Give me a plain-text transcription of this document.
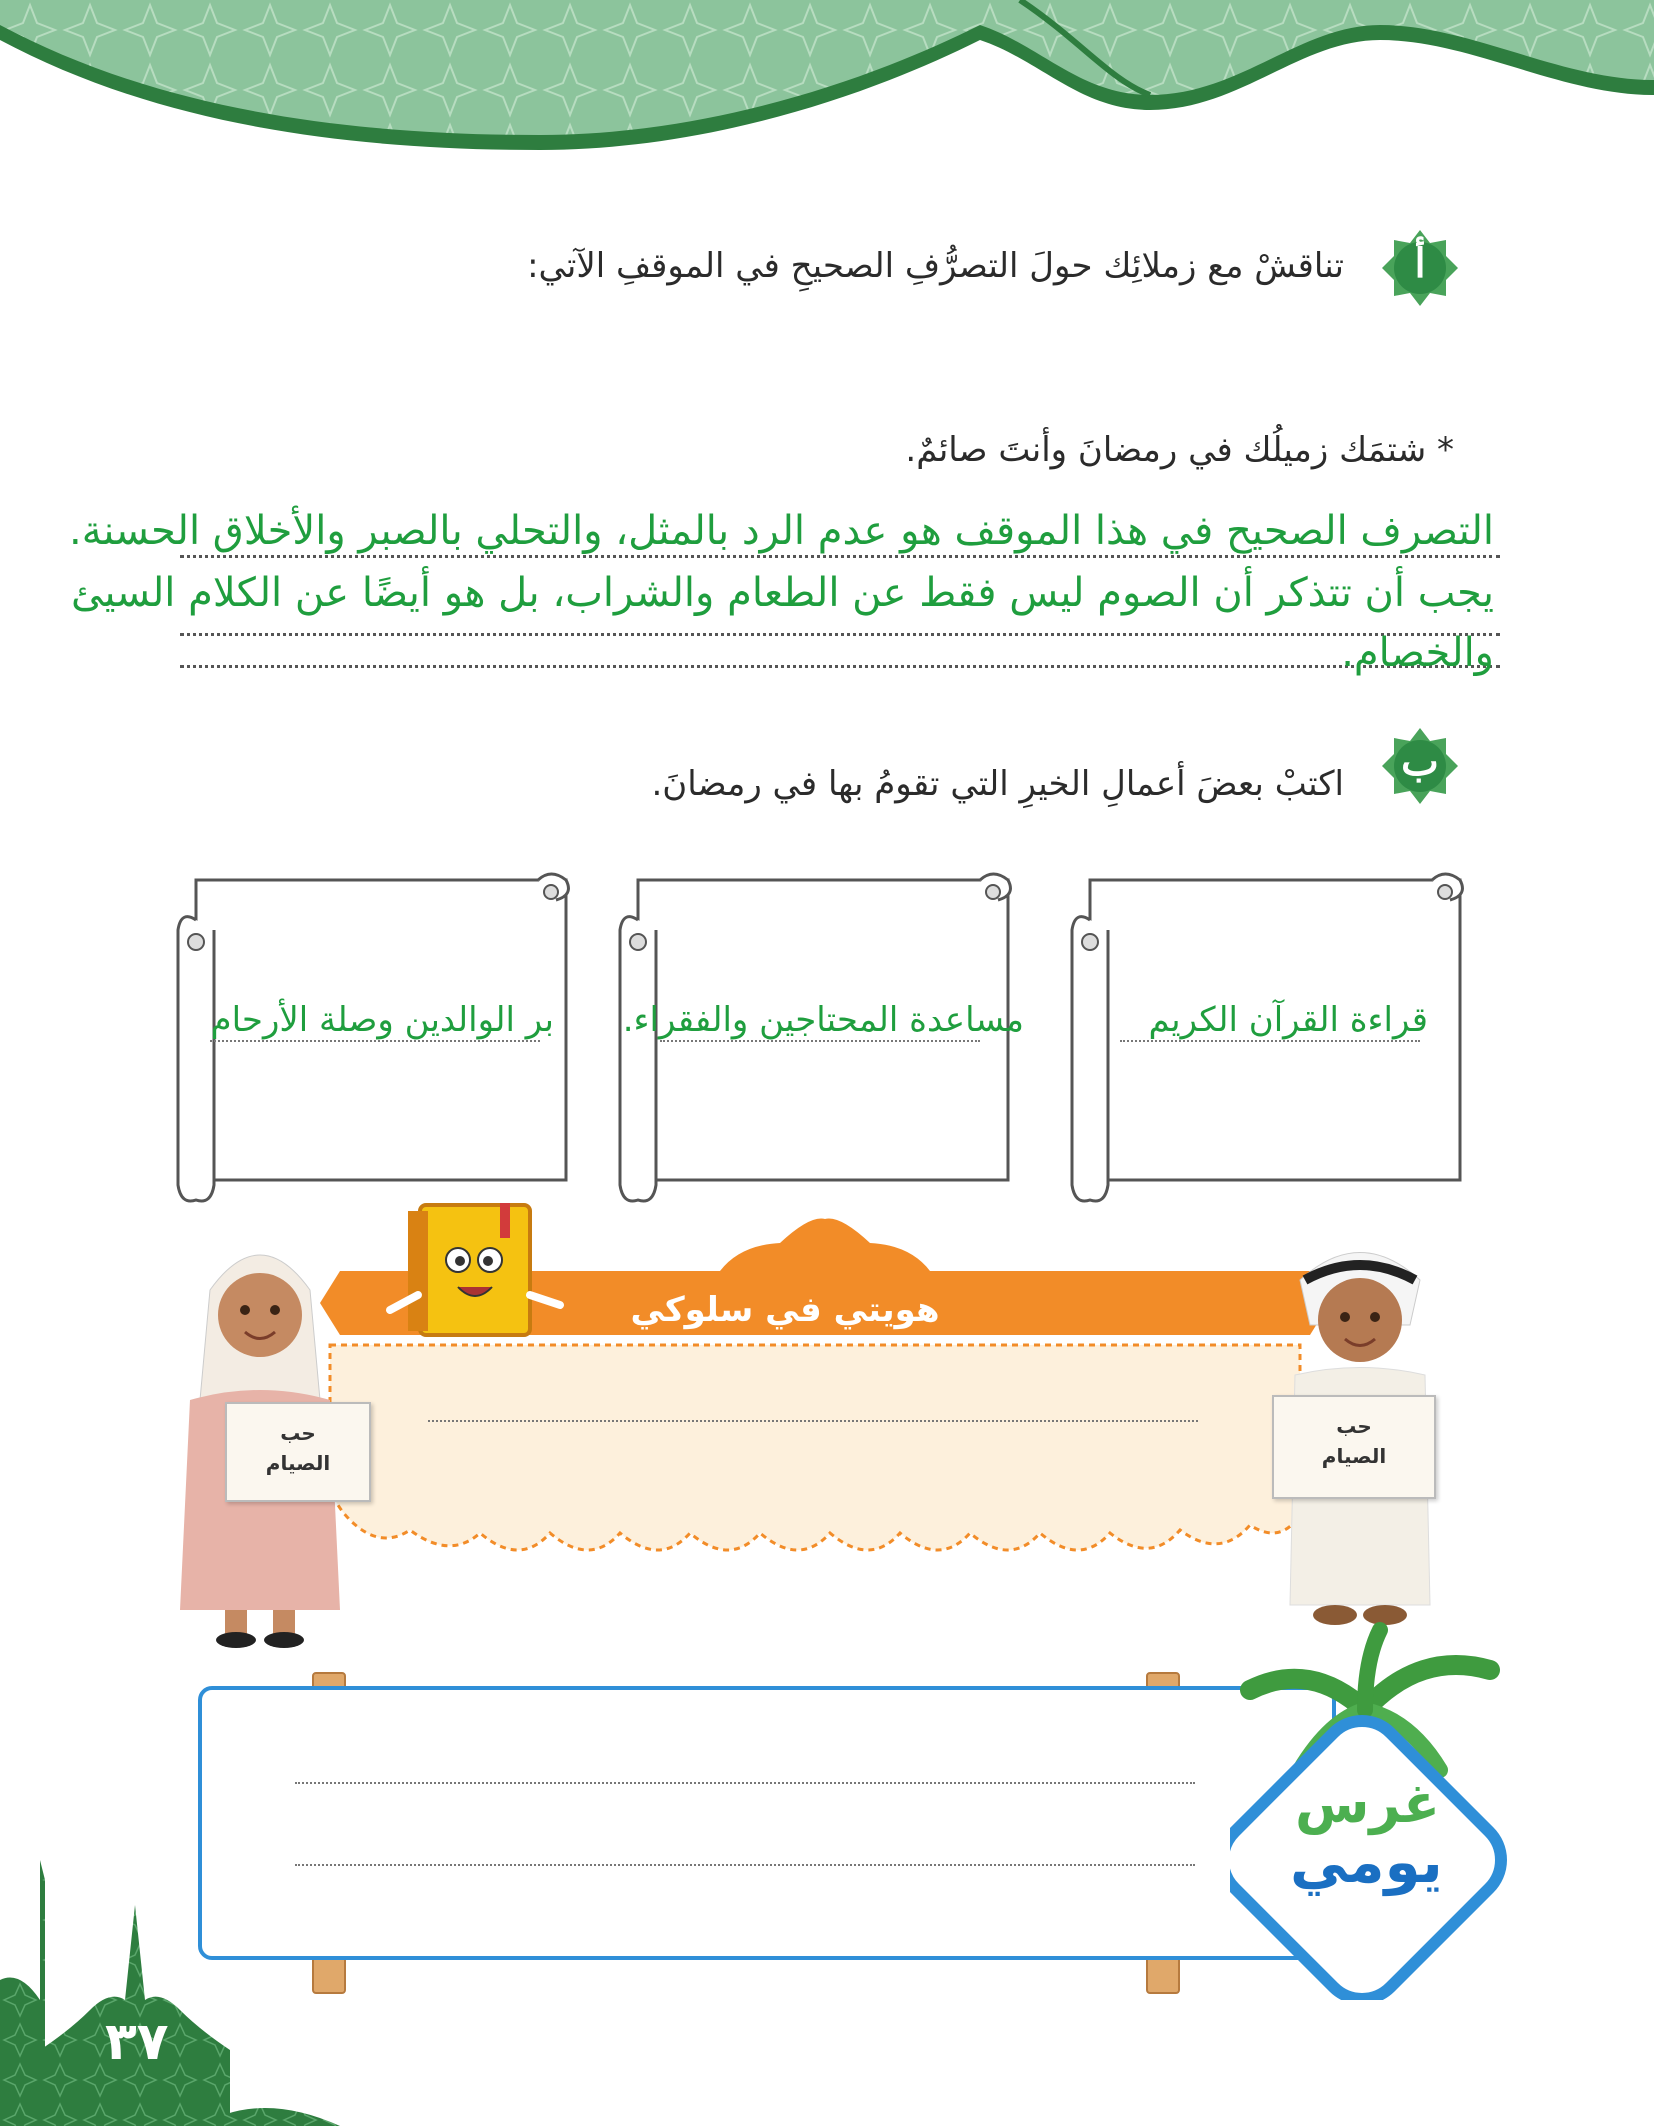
أ
تناقشْ مع زملائِك حولَ التصرُّفِ الصحيحِ في الموقفِ الآتي:
* شتمَك زميلُك في رمضانَ وأنتَ صائمٌ.
التصرف الصحيح في هذا الموقف هو عدم الرد بالمثل، والتحلي بالصبر والأخلاق الحسنة.
يجب أن تتذكر أن الصوم ليس فقط عن الطعام والشراب، بل هو أيضًا عن الكلام السيئ
والخصام.
ب
اكتبْ بعضَ أعمالِ الخيرِ التي تقومُ بها في رمضانَ.
قراءة القرآن الكريم
مساعدة المحتاجين والفقراء.
بر الوالدين وصلة الأرحام
هويتي في سلوكي
حب
الصيام
حب
الصيام
غرس
يومي
٣٧
